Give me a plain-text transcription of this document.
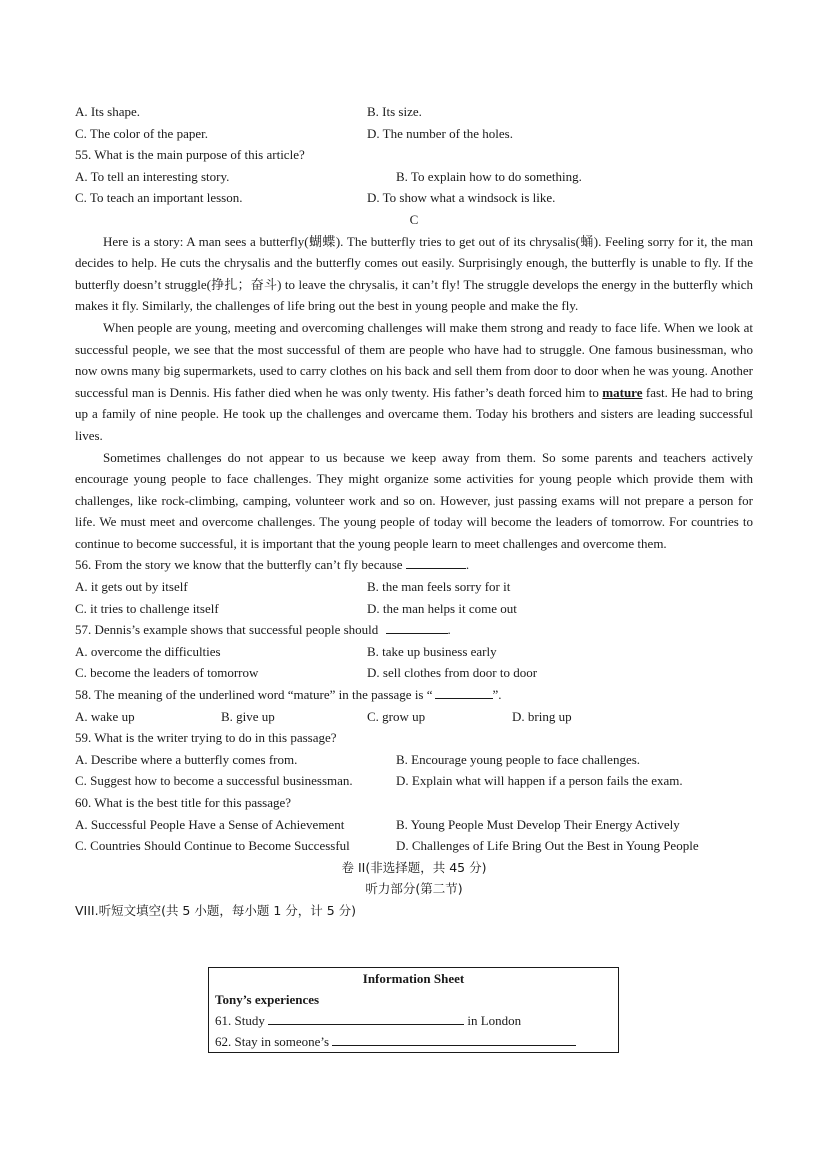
A. Its shape.	B. Its size.
C. The color of the paper.	D. The number of the holes.
55. What is the main purpose of this article?
A. To tell an interesting story.	B. To explain how to do something.
C. To teach an important lesson.	D. To show what a windsock is like.
C

Here is a story: A man sees a butterfly(蝴蝶). The butterfly tries to get out of its chrysalis(蛹). Feeling sorry for it, the man decides to help. He cuts the chrysalis and the butterfly comes out easily. Surprisingly enough, the butterfly is unable to fly. If the butterfly doesn’t struggle(挣扎；奋斗) to leave the chrysalis, it can’t fly! The struggle develops the energy in the butterfly which makes it fly. Similarly, the challenges of life bring out the best in young people and make the fly.

When people are young, meeting and overcoming challenges will make them strong and ready to face life. When we look at successful people, we see that the most successful of them are people who have had to struggle. One famous businessman, who now owns many big supermarkets, used to carry clothes on his back and sell them from door to door when he was young. Another successful man is Dennis. His father died when he was only twenty. His father’s death forced him to mature fast. He had to bring up a family of nine people. He took up the challenges and overcame them. Today his brothers and sisters are leading successful lives.

Sometimes challenges do not appear to us because we keep away from them. So some parents and teachers actively encourage young people to face challenges. They might organize some activities for young people which provide them with challenges, like rock-climbing, camping, volunteer work and so on. However, just passing exams will not prepare a person for life. We must meet and overcome challenges. The young people of today will become the leaders of tomorrow. For countries to continue to become successful, it is important that the young people learn to meet challenges and overcome them.

56. From the story we know that the butterfly can’t fly because	.
A. it gets out by itself	B. the man feels sorry for it
C. it tries to challenge itself	D. the man helps it come out
57. Dennis’s example shows that successful people should	.
A. overcome the difficulties	B. take up business early
C. become the leaders of tomorrow	D. sell clothes from door to door
58. The meaning of the underlined word “mature” in the passage is “	”.
A. wake up	B. give up	C. grow up	D. bring up
59. What is the writer trying to do in this passage?
A. Describe where a butterfly comes from.	B. Encourage young people to face challenges.
C. Suggest how to become a successful businessman.	D. Explain what will happen if a person fails the exam.
60. What is the best title for this passage?
A. Successful People Have a Sense of Achievement	B. Young People Must Develop Their Energy Actively
C. Countries Should Continue to Become Successful	D. Challenges of Life Bring Out the Best in Young People
卷 II(非选择题，共 45 分)
听力部分(第二节)
VIII.听短文填空(共 5 小题，每小题 1 分，计 5 分)
Information Sheet
Tony’s experiences
61. Study	in London
62. Stay in someone’s
